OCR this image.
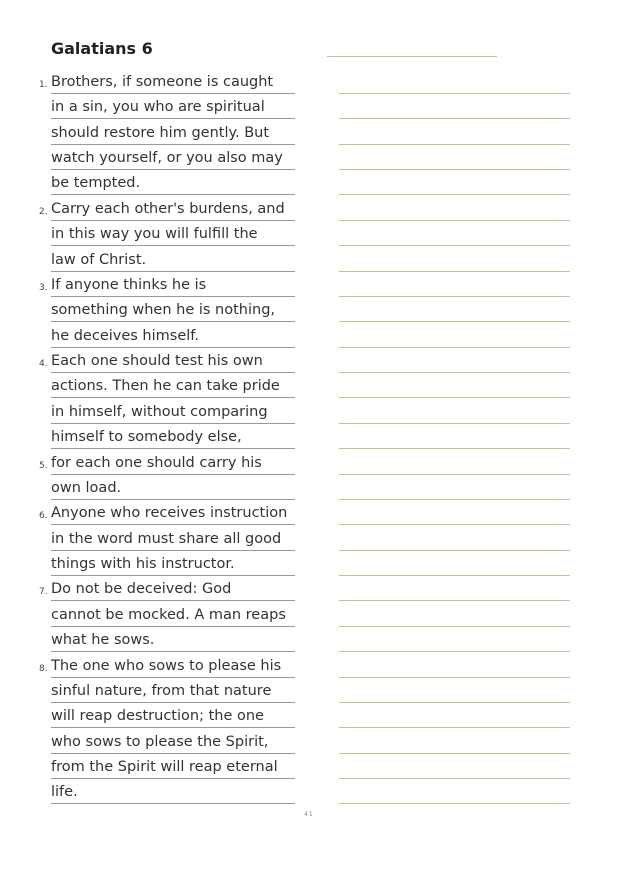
Galatians 6
1. Brothers, if someone is caught
in a sin, you who are spiritual
should restore him gently. But
watch yourself, or you also may
be tempted.
2. Carry each other's burdens, and
in this way you will fulfill the
law of Christ.
3. If anyone thinks he is
something when he is nothing,
he deceives himself.
4. Each one should test his own
actions. Then he can take pride
in himself, without comparing
himself to somebody else,
5. for each one should carry his
own load.
6. Anyone who receives instruction
in the word must share all good
things with his instructor.
7. Do not be deceived: God
cannot be mocked. A man reaps
what he sows.
8. The one who sows to please his
sinful nature, from that nature
will reap destruction; the one
who sows to please the Spirit,
from the Spirit will reap eternal
life.
41
